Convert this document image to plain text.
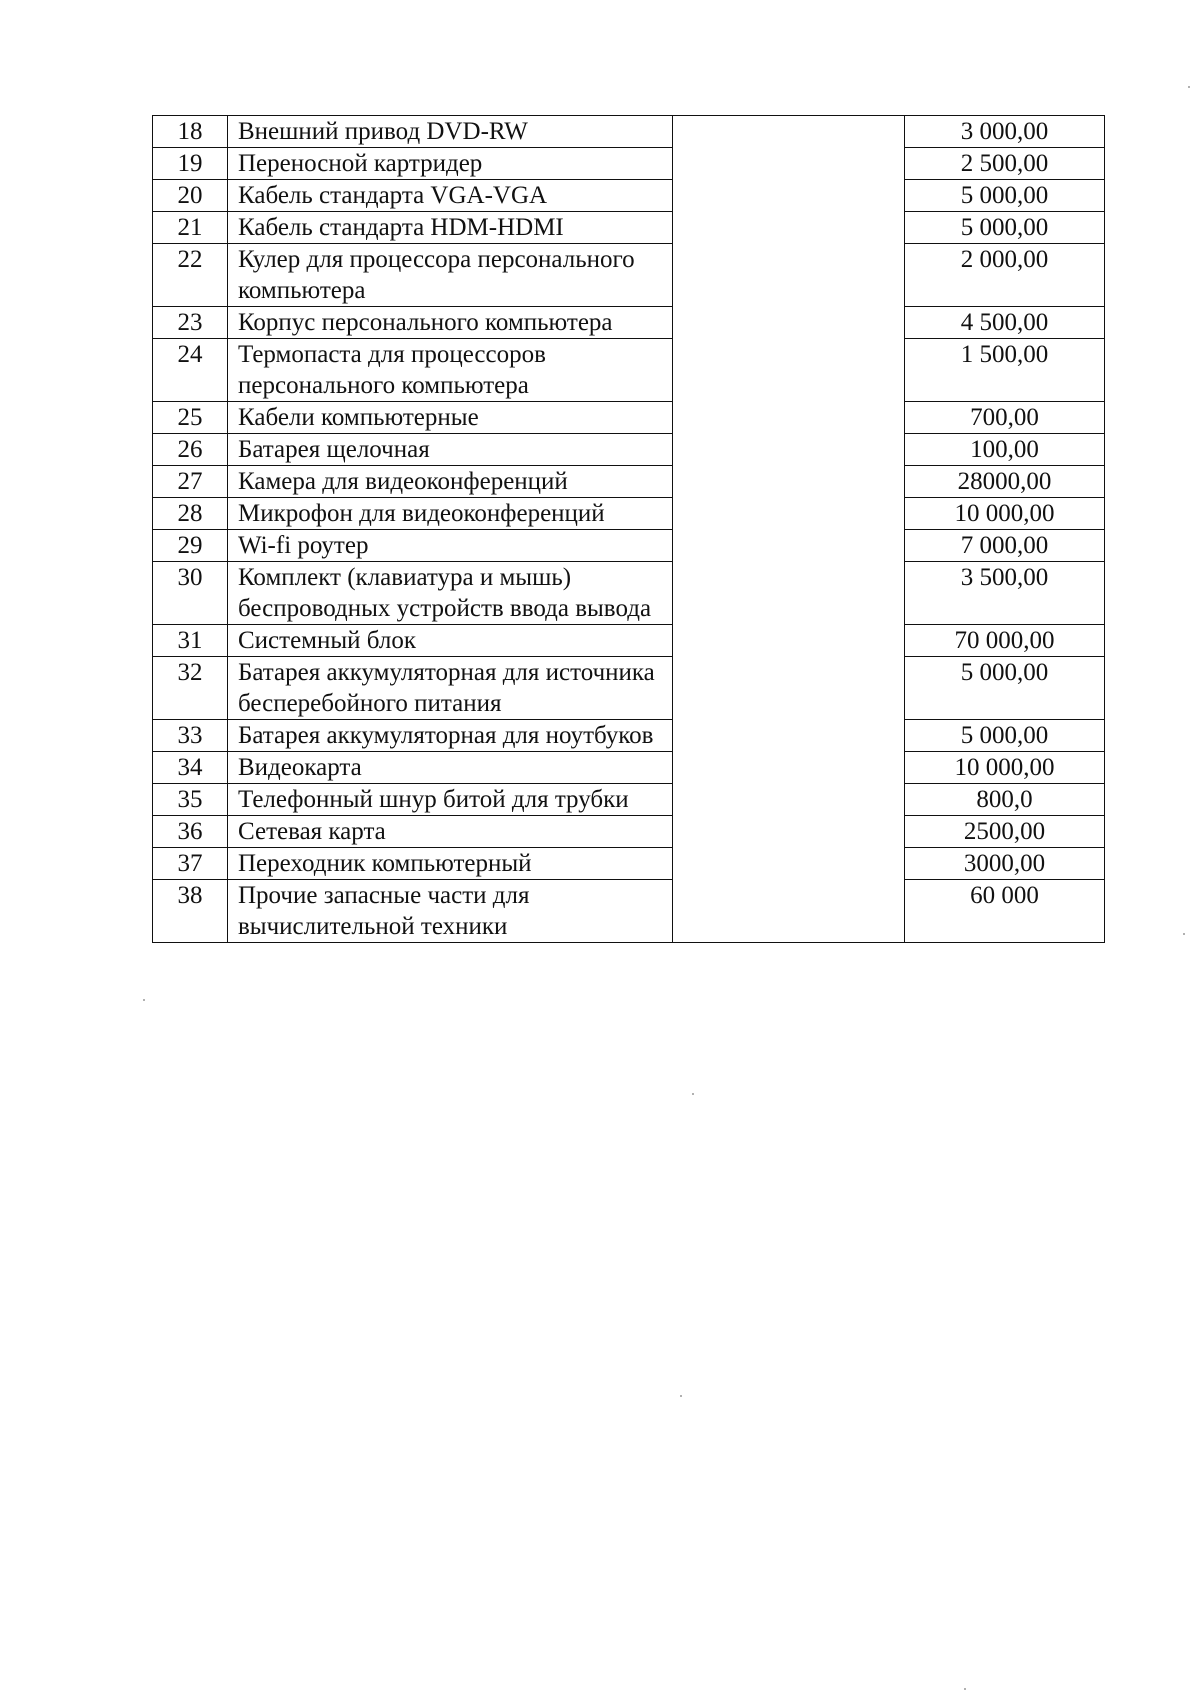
18	Внешний привод DVD-RW		3 000,00
19	Переносной картридер		2 500,00
20	Кабель стандарта VGA-VGA		5 000,00
21	Кабель стандарта HDM-HDMI		5 000,00
22	Кулер для процессора персонального компьютера		2 000,00
23	Корпус персонального компьютера		4 500,00
24	Термопаста для процессоров персонального компьютера		1 500,00
25	Кабели компьютерные		700,00
26	Батарея щелочная		100,00
27	Камера для видеоконференций		28000,00
28	Микрофон для видеоконференций		10 000,00
29	Wi-fi роутер		7 000,00
30	Комплект (клавиатура и мышь) беспроводных устройств ввода вывода		3 500,00
31	Системный блок		70 000,00
32	Батарея аккумуляторная для источника бесперебойного питания		5 000,00
33	Батарея аккумуляторная для ноутбуков		5 000,00
34	Видеокарта		10 000,00
35	Телефонный шнур битой для трубки		800,0
36	Сетевая карта		2500,00
37	Переходник компьютерный		3000,00
38	Прочие запасные части для вычислительной техники		60 000
